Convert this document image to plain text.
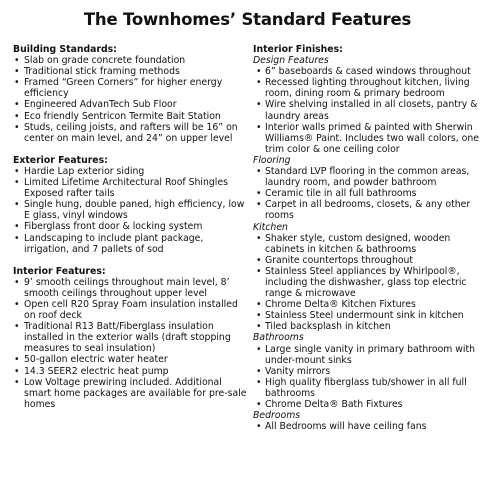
The Townhomes’ Standard Features

Building Standards:

• Slab on grade concrete foundation
• Traditional stick framing methods
• Framed “Green Corners” for higher energy efficiency
• Engineered AdvanTech Sub Floor
• Eco friendly Sentricon Termite Bait Station
• Studs, ceiling joists, and rafters will be 16” on center on main level, and 24” on upper level

Exterior Features:

• Hardie Lap exterior siding
• Limited Lifetime Architectural Roof Shingles Exposed rafter tails
• Single hung, double paned, high efficiency, low E glass, vinyl windows
• Fiberglass front door & locking system
• Landscaping to include plant package, irrigation, and 7 pallets of sod

Interior Features:

• 9’ smooth ceilings throughout main level, 8’ smooth ceilings throughout upper level
• Open cell R20 Spray Foam insulation installed on roof deck
• Traditional R13 Batt/Fiberglass insulation installed in the exterior walls (draft stopping measures to seal insulation)
• 50-gallon electric water heater
• 14.3 SEER2 electric heat pump
• Low Voltage prewiring included. Additional smart home packages are available for pre-sale homes

Interior Finishes:

Design Features

• 6” baseboards & cased windows throughout
• Recessed lighting throughout kitchen, living room, dining room & primary bedroom
• Wire shelving installed in all closets, pantry & laundry areas
• Interior walls primed & painted with Sherwin Williams® Paint. Includes two wall colors, one trim color & one ceiling color

Flooring

• Standard LVP flooring in the common areas, laundry room, and powder bathroom
• Ceramic tile in all full bathrooms
• Carpet in all bedrooms, closets, & any other rooms

Kitchen

• Shaker style, custom designed, wooden cabinets in kitchen & bathrooms
• Granite countertops throughout
• Stainless Steel appliances by Whirlpool®, including the dishwasher, glass top electric range & microwave
• Chrome Delta® Kitchen Fixtures
• Stainless Steel undermount sink in kitchen
• Tiled backsplash in kitchen

Bathrooms

• Large single vanity in primary bathroom with under-mount sinks
• Vanity mirrors
• High quality fiberglass tub/shower in all full bathrooms
• Chrome Delta® Bath Fixtures

Bedrooms

• All Bedrooms will have ceiling fans
